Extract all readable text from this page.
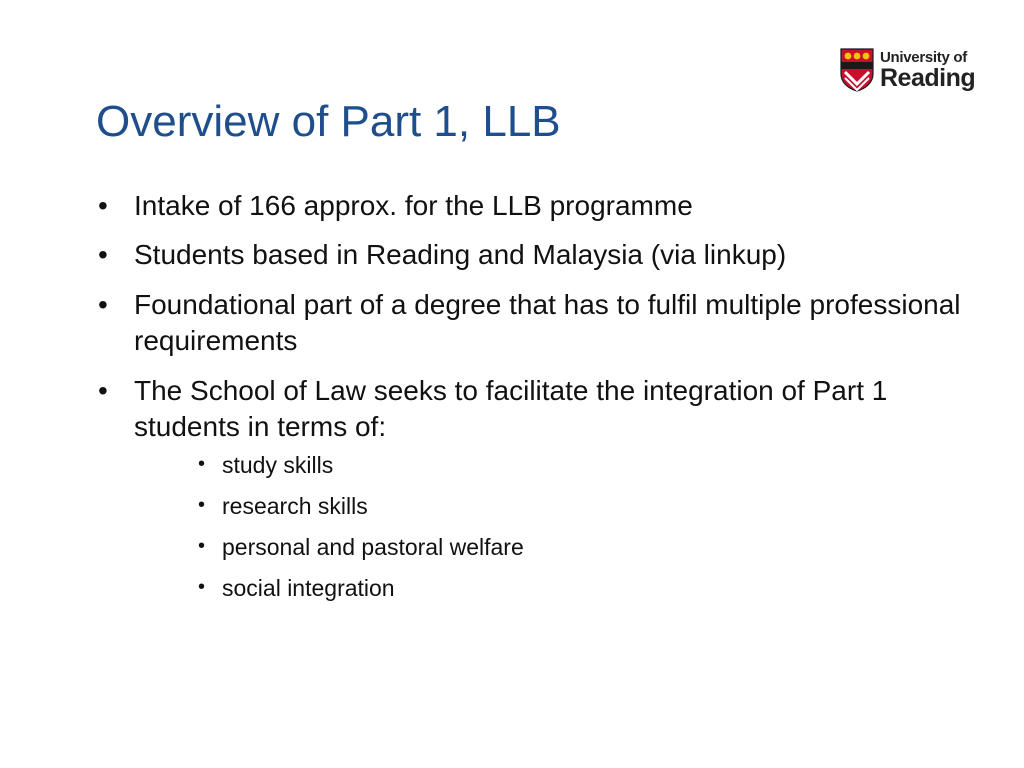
University of
Reading
Overview of Part 1, LLB
• Intake of 166 approx. for the LLB programme
• Students based in Reading and Malaysia (via linkup)
• Foundational part of a degree that has to fulfil multiple professional requirements
• The School of Law seeks to facilitate the integration of Part 1 students in terms of:
• study skills
• research skills
• personal and pastoral welfare
• social integration
